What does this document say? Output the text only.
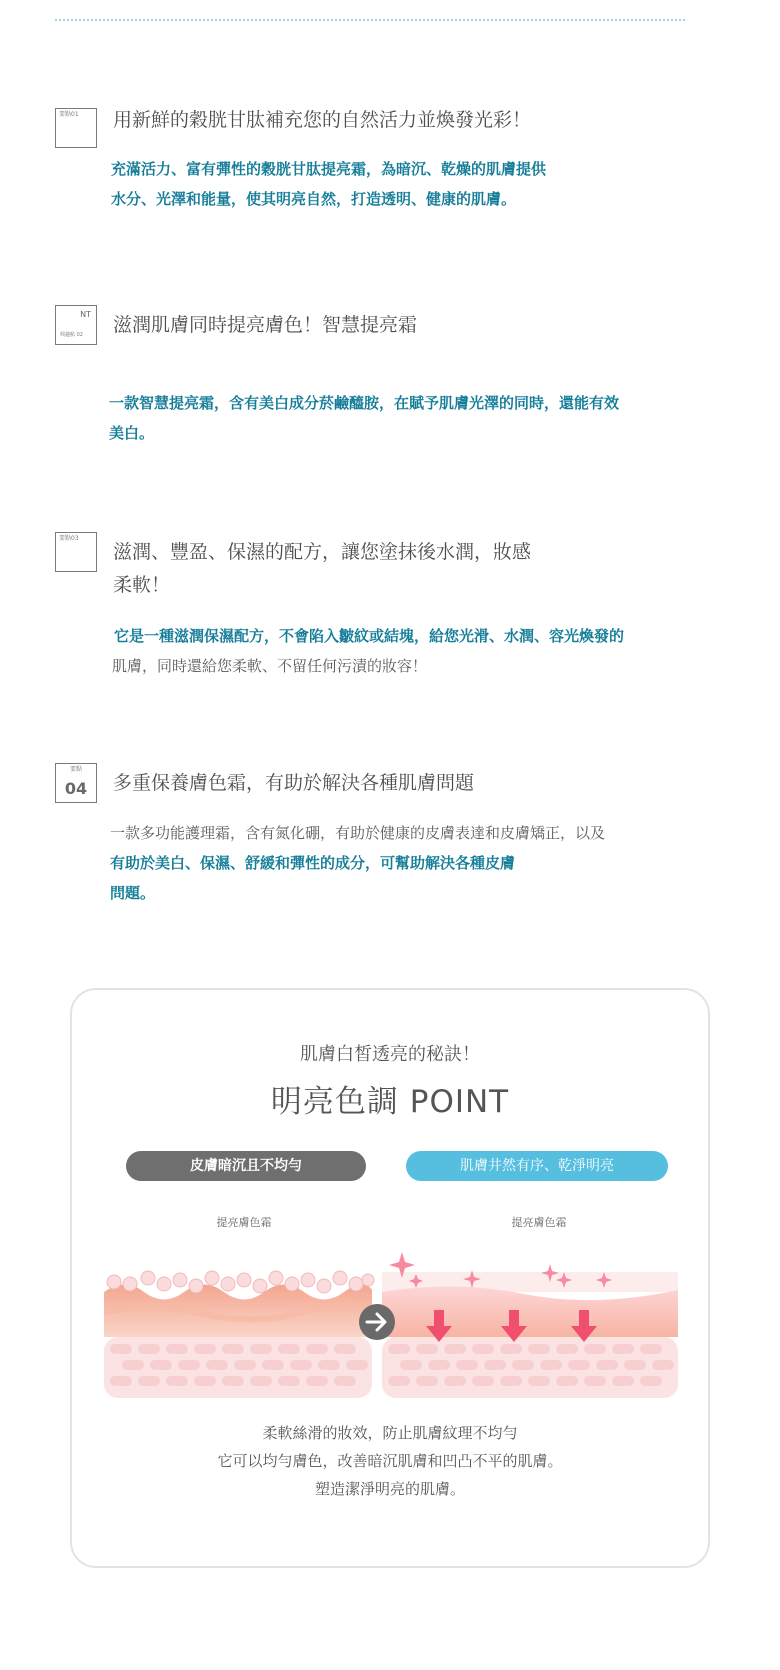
要點01 用新鮮的穀胱甘肽補充您的自然活力並煥發光彩！
充滿活力、富有彈性的穀胱甘肽提亮霜，為暗沉、乾燥的肌膚提供
水分、光澤和能量，使其明亮自然，打造透明、健康的肌膚。
NT
興趣點 02 滋潤肌膚同時提亮膚色！智慧提亮霜
一款智慧提亮霜，含有美白成分菸鹼醯胺，在賦予肌膚光澤的同時，還能有效
美白。
要點03
滋潤、豐盈、保濕的配方，讓您塗抹後水潤，妝感
柔軟！
它是一種滋潤保濕配方，不會陷入皺紋或結塊，給您光滑、水潤、容光煥發的
肌膚，同時還給您柔軟、不留任何污漬的妝容！
要點
04	多重保養膚色霜，有助於解決各種肌膚問題
一款多功能護理霜，含有氮化硼，有助於健康的皮膚表達和皮膚矯正，以及
有助於美白、保濕、舒緩和彈性的成分，可幫助解決各種皮膚
問題。
肌膚白皙透亮的秘訣！
明亮色調 POINT
皮膚暗沉且不均勻	肌膚井然有序、乾淨明亮
提亮膚色霜	提亮膚色霜
柔軟絲滑的妝效，防止肌膚紋理不均勻
它可以均勻膚色，改善暗沉肌膚和凹凸不平的肌膚。
塑造潔淨明亮的肌膚。
